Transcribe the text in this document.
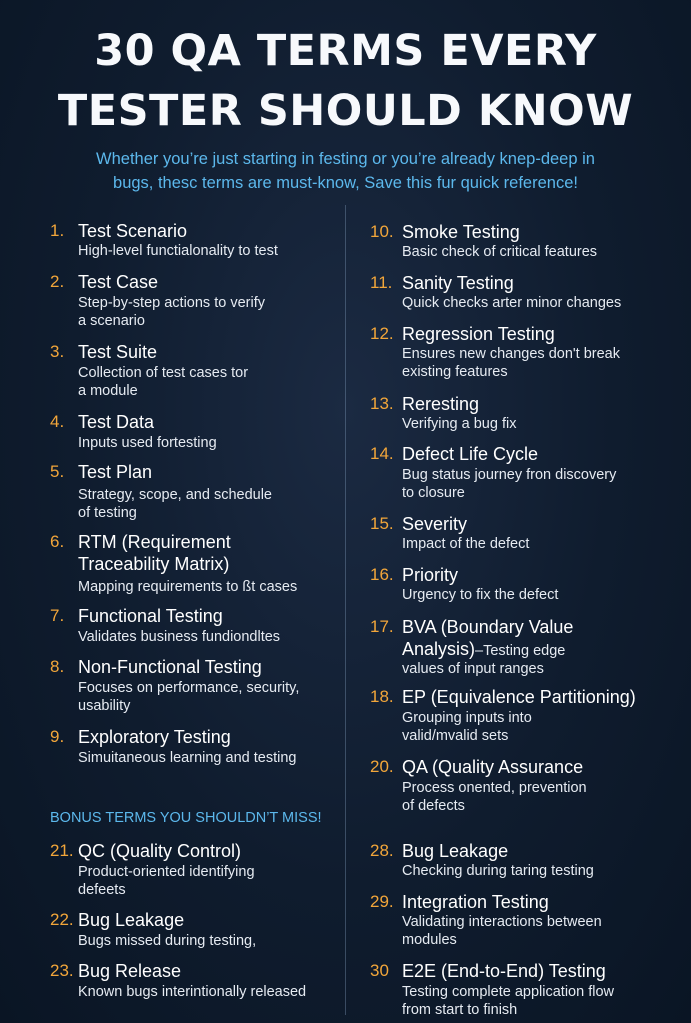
30 QA TERMS EVERY
TESTER SHOULD KNOW
Whether you’re just starting in festing or you’re already knep-deep in
bugs, thesc terms are must-know, Save this fur quick reference!
1. Test Scenario
High-level functialonality to test
2. Test Case
Step-by-step actions to verify
a scenario
3. Test Suite
Collection of test cases tor
a module
4. Test Data
Inputs used fortesting
5. Test Plan
Strategy, scope, and schedule
of testing
6. RTM (Requirement
Traceability Matrix)
Mapping requirements to ßt cases
7. Functional Testing
Validates business fundiondltes
8. Non-Functional Testing
Focuses on performance, security,
usability
9. Exploratory Testing
Simuitaneous learning and testing
10. Smoke Testing
Basic check of critical features
11. Sanity Testing
Quick checks arter minor changes
12. Regression Testing
Ensures new changes don't break
existing features
13. Reresting
Verifying a bug fix
14. Defect Life Cycle
Bug status journey fron discovery
to closure
15. Severity
Impact of the defect
16. Priority
Urgency to fix the defect
17. BVA (Boundary Value
Analysis)–Testing edge
values of input ranges
18. EP (Equivalence Partitioning)
Grouping inputs into
valid/mvalid sets
20. QA (Quality Assurance
Process onented, prevention
of defects
21. QC (Quality Control)
Product-oriented identifying
defeets
22. Bug Leakage
Bugs missed during testing,
23. Bug Release
Known bugs interintionally released
28. Bug Leakage
Checking during taring testing
29. Integration Testing
Validating interactions between
modules
30 E2E (End-to-End) Testing
Testing complete application flow
from start to finish
BONUS TERMS YOU SHOULDN’T MISS!
